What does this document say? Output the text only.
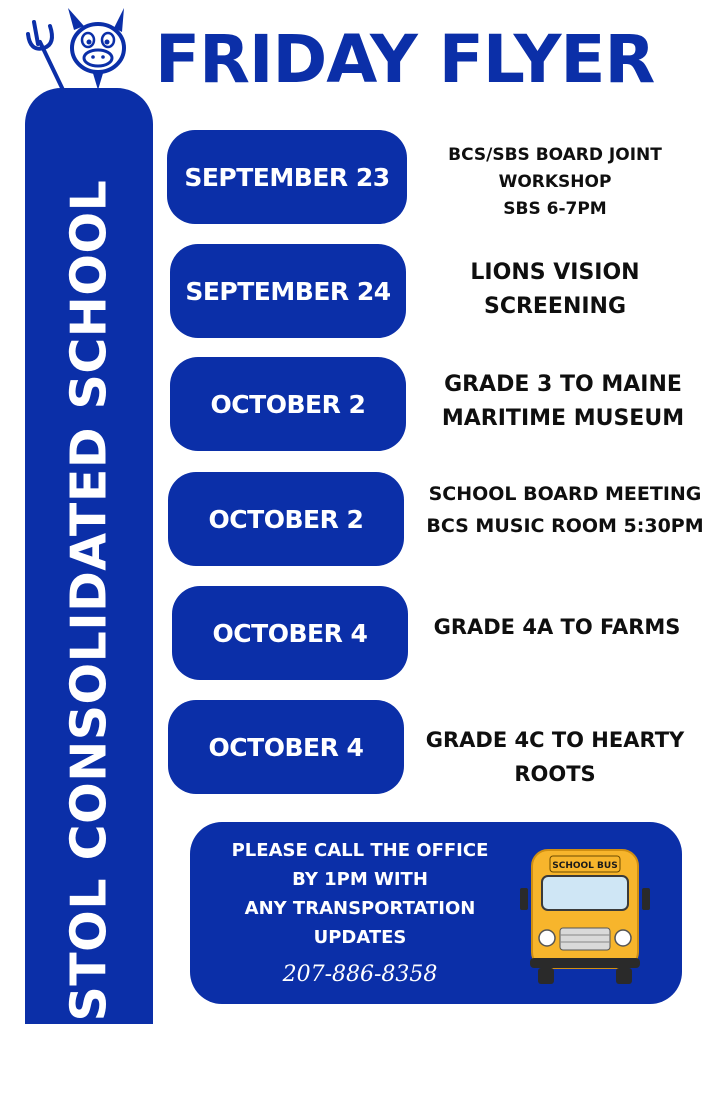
FRIDAY FLYER
BRISTOL CONSOLIDATED SCHOOL
SEPTEMBER 23
BCS/SBS BOARD JOINT
WORKSHOP
SBS 6-7PM
SEPTEMBER 24
LIONS VISION
SCREENING
OCTOBER 2
GRADE 3 TO MAINE
MARITIME MUSEUM
OCTOBER 2
SCHOOL BOARD MEETING
BCS MUSIC ROOM 5:30PM
OCTOBER 4	GRADE 4A TO FARMS
OCTOBER 4	GRADE 4C TO HEARTY
ROOTS
PLEASE CALL THE OFFICE
BY 1PM WITH
ANY TRANSPORTATION
UPDATES
207-886-8358
SCHOOL BUS
